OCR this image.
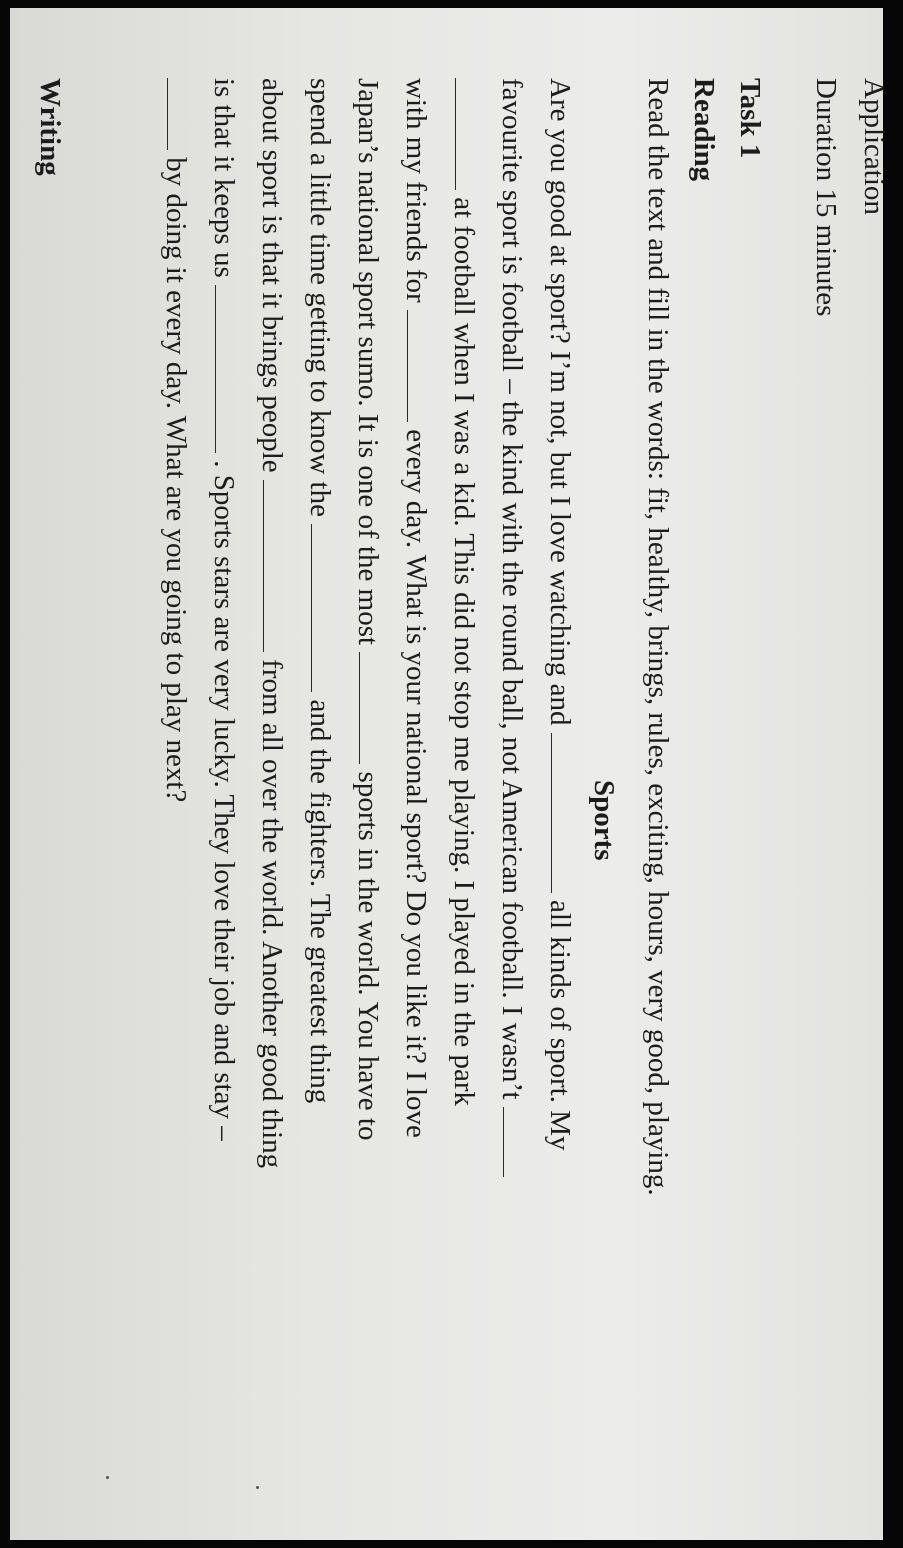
Application
Duration 15 minutes
Task 1
Reading
Read the text and fill in the words: fit, healthy, brings, rules, exciting, hours, very good, playing.
Sports
Are you good at sport? I’m not, but I love watching and  all kinds of sport. My
favourite sport is football – the kind with the round ball, not American football. I wasn’t
at football when I was a kid. This did not stop me playing. I played in the park
with my friends for  every day. What is your national sport? Do you like it? I love
Japan’s national sport sumo. It is one of the most  sports in the world. You have to
spend a little time getting to know the  and the fighters. The greatest thing
about sport is that it brings people  from all over the world. Another good thing
is that it keeps us  . Sports stars are very lucky. They love their job and stay –
by doing it every day. What are you going to play next?
Writing
